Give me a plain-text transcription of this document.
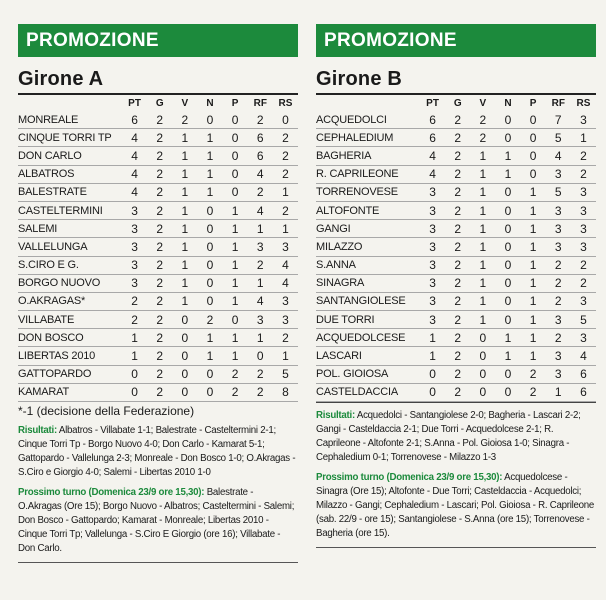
PROMOZIONE
Girone A
	PT	G	V	N	P	RF	RS
MONREALE	6	2	2	0	0	2	0
CINQUE TORRI TP	4	2	1	1	0	6	2
DON CARLO	4	2	1	1	0	6	2
ALBATROS	4	2	1	1	0	4	2
BALESTRATE	4	2	1	1	0	2	1
CASTELTERMINI	3	2	1	0	1	4	2
SALEMI	3	2	1	0	1	1	1
VALLELUNGA	3	2	1	0	1	3	3
S.CIRO E G.	3	2	1	0	1	2	4
BORGO NUOVO	3	2	1	0	1	1	4
O.AKRAGAS*	2	2	1	0	1	4	3
VILLABATE	2	2	0	2	0	3	3
DON BOSCO	1	2	0	1	1	1	2
LIBERTAS 2010	1	2	0	1	1	0	1
GATTOPARDO	0	2	0	0	2	2	5
KAMARAT	0	2	0	0	2	2	8
*-1 (decisione della Federazione)
Risultati: Albatros - Villabate 1-1; Balestrate - Casteltermini 2-1; Cinque Torri Tp - Borgo Nuovo 4-0; Don Carlo - Kamarat 5-1; Gattopardo - Vallelunga 2-3; Monreale - Don Bosco 1-0; O.Akragas - S.Ciro e Giorgio 4-0; Salemi - Libertas 2010 1-0
Prossimo turno (Domenica 23/9 ore 15,30): Balestrate - O.Akragas (Ore 15); Borgo Nuovo - Albatros; Casteltermini - Salemi; Don Bosco - Gattopardo; Kamarat - Monreale; Libertas 2010 - Cinque Torri Tp; Vallelunga - S.Ciro E Giorgio (ore 16); Villabate - Don Carlo.
PROMOZIONE
Girone B
	PT	G	V	N	P	RF	RS
ACQUEDOLCI	6	2	2	0	0	7	3
CEPHALEDIUM	6	2	2	0	0	5	1
BAGHERIA	4	2	1	1	0	4	2
R. CAPRILEONE	4	2	1	1	0	3	2
TORRENOVESE	3	2	1	0	1	5	3
ALTOFONTE	3	2	1	0	1	3	3
GANGI	3	2	1	0	1	3	3
MILAZZO	3	2	1	0	1	3	3
S.ANNA	3	2	1	0	1	2	2
SINAGRA	3	2	1	0	1	2	2
SANTANGIOLESE	3	2	1	0	1	2	3
DUE TORRI	3	2	1	0	1	3	5
ACQUEDOLCESE	1	2	0	1	1	2	3
LASCARI	1	2	0	1	1	3	4
POL. GIOIOSA	0	2	0	0	2	3	6
CASTELDACCIA	0	2	0	0	2	1	6
Risultati: Acquedolci - Santangiolese 2-0; Bagheria - Lascari 2-2; Gangi - Casteldaccia 2-1; Due Torri - Acquedolcese 2-1; R. Caprileone - Altofonte 2-1; S.Anna - Pol. Gioiosa 1-0; Sinagra - Cephaledium 0-1; Torrenovese - Milazzo 1-3
Prossimo turno (Domenica 23/9 ore 15,30): Acquedolcese - Sinagra (Ore 15); Altofonte - Due Torri; Casteldaccia - Acquedolci; Milazzo - Gangi; Cephaledium - Lascari; Pol. Gioiosa - R. Caprileone (sab. 22/9 - ore 15); Santangiolese - S.Anna (ore 15); Torrenovese - Bagheria (ore 15).
